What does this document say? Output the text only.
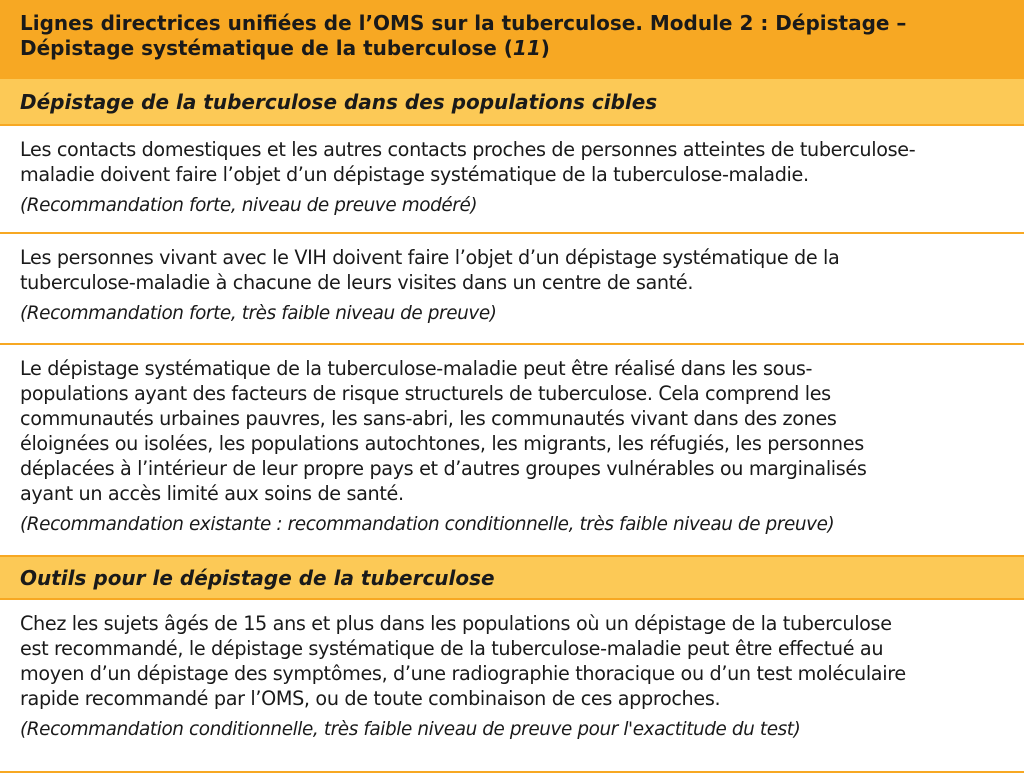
Lignes directrices unifiées de l’OMS sur la tuberculose. Module 2 : Dépistage –
Dépistage systématique de la tuberculose (11)
Dépistage de la tuberculose dans des populations cibles
Les contacts domestiques et les autres contacts proches de personnes atteintes de tuberculose-
maladie doivent faire l’objet d’un dépistage systématique de la tuberculose-maladie.
(Recommandation forte, niveau de preuve modéré)
Les personnes vivant avec le VIH doivent faire l’objet d’un dépistage systématique de la
tuberculose-maladie à chacune de leurs visites dans un centre de santé.
(Recommandation forte, très faible niveau de preuve)
Le dépistage systématique de la tuberculose-maladie peut être réalisé dans les sous-
populations ayant des facteurs de risque structurels de tuberculose. Cela comprend les
communautés urbaines pauvres, les sans-abri, les communautés vivant dans des zones
éloignées ou isolées, les populations autochtones, les migrants, les réfugiés, les personnes
déplacées à l’intérieur de leur propre pays et d’autres groupes vulnérables ou marginalisés
ayant un accès limité aux soins de santé.
(Recommandation existante : recommandation conditionnelle, très faible niveau de preuve)
Outils pour le dépistage de la tuberculose
Chez les sujets âgés de 15 ans et plus dans les populations où un dépistage de la tuberculose
est recommandé, le dépistage systématique de la tuberculose-maladie peut être effectué au
moyen d’un dépistage des symptômes, d’une radiographie thoracique ou d’un test moléculaire
rapide recommandé par l’OMS, ou de toute combinaison de ces approches.
(Recommandation conditionnelle, très faible niveau de preuve pour l'exactitude du test)
